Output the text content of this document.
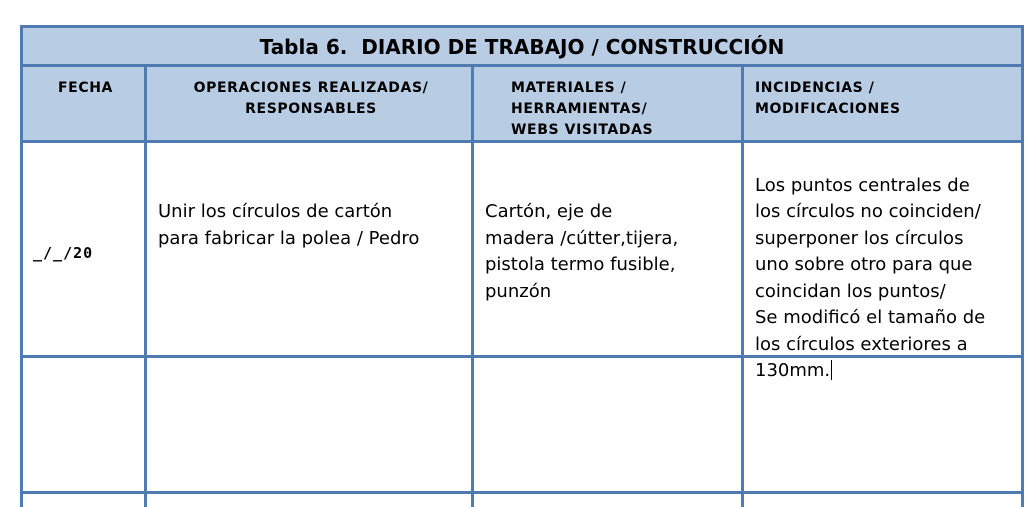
Tabla 6.  DIARIO DE TRABAJO / CONSTRUCCIÓN
FECHA	OPERACIONES REALIZADAS/
RESPONSABLES
MATERIALES /
HERRAMIENTAS/
WEBS VISITADAS
INCIDENCIAS /
MODIFICACIONES
_/_/20
Unir los círculos de cartón
para fabricar la polea / Pedro
Cartón, eje de
madera /cútter,tijera,
pistola termo fusible,
punzón

Los puntos centrales de
los círculos no coinciden/
superponer los círculos
uno sobre otro para que
coincidan los puntos/
Se modificó el tamaño de
los círculos exteriores a
130mm.
